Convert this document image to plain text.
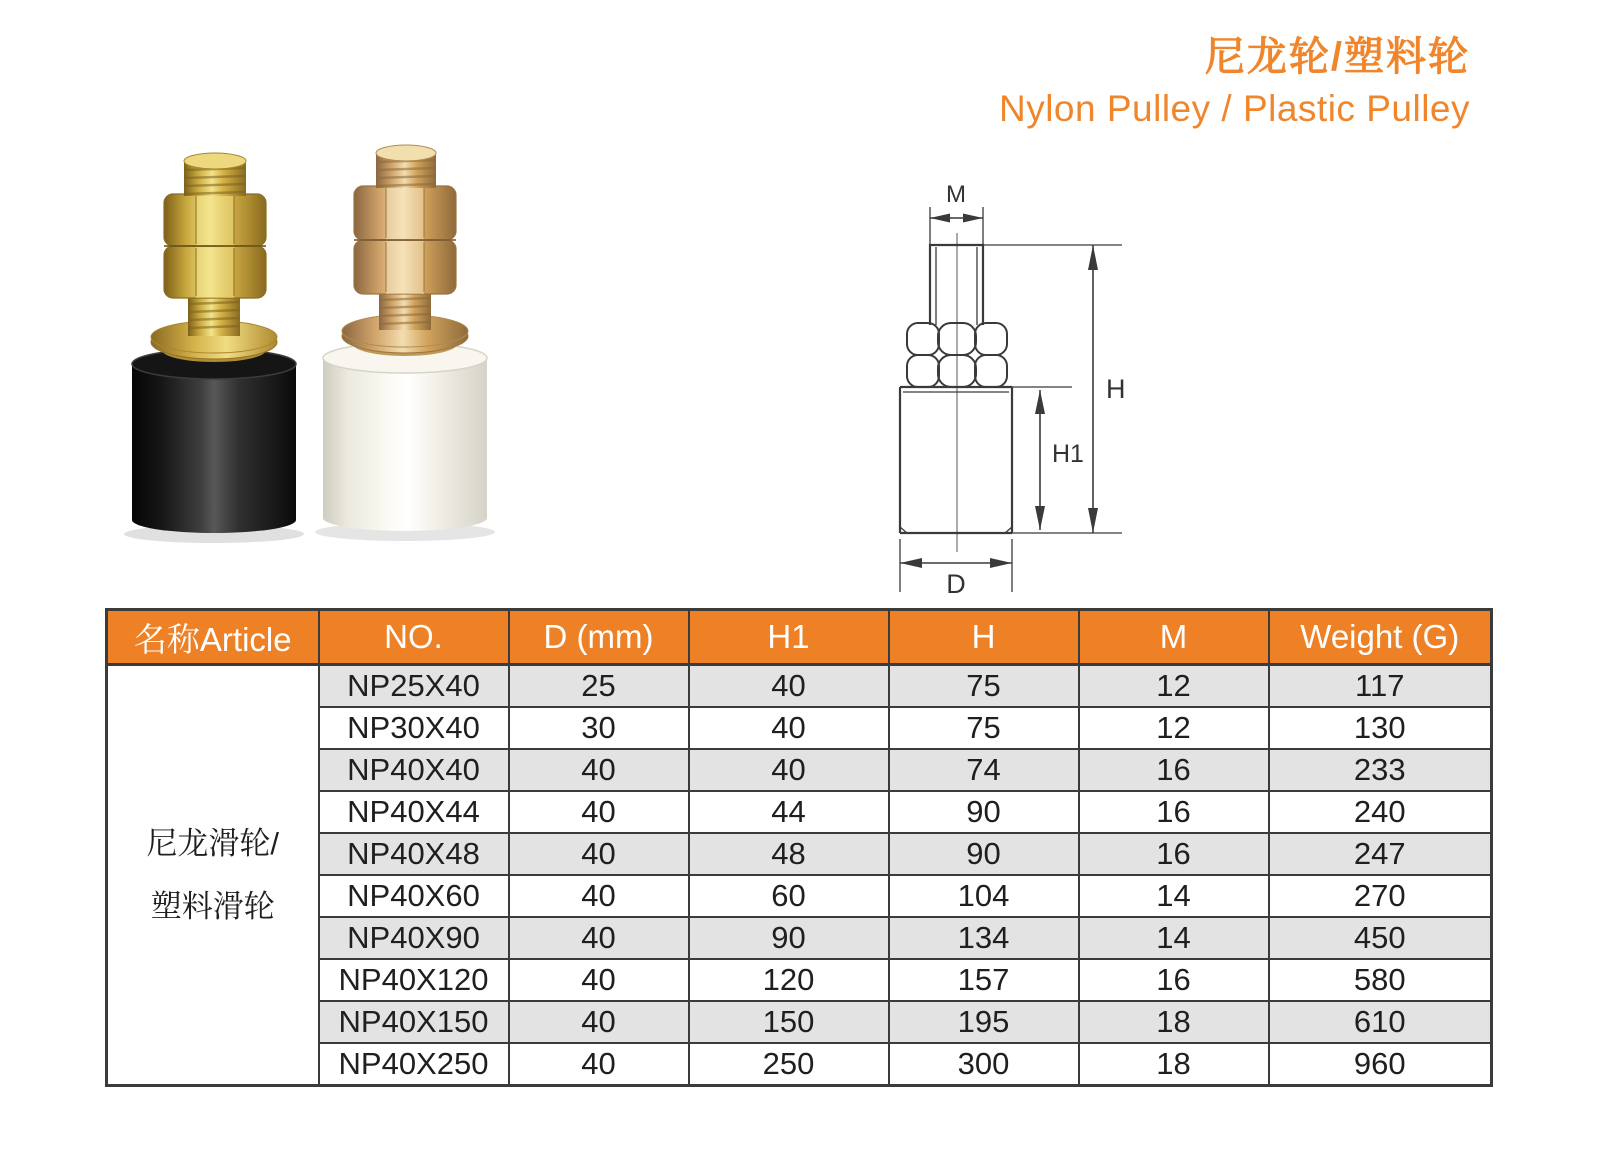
尼龙轮/塑料轮
Nylon Pulley / Plastic Pulley
M
H
H1
D
名称Article	NO.	D (mm)	H1	H	M	Weight (G)

尼龙滑轮/
塑料滑轮	NP25X40	25	40	75	12	117
	NP30X40	30	40	75	12	130
	NP40X40	40	40	74	16	233
	NP40X44	40	44	90	16	240
	NP40X48	40	48	90	16	247
	NP40X60	40	60	104	14	270
	NP40X90	40	90	134	14	450
	NP40X120	40	120	157	16	580
	NP40X150	40	150	195	18	610
	NP40X250	40	250	300	18	960
